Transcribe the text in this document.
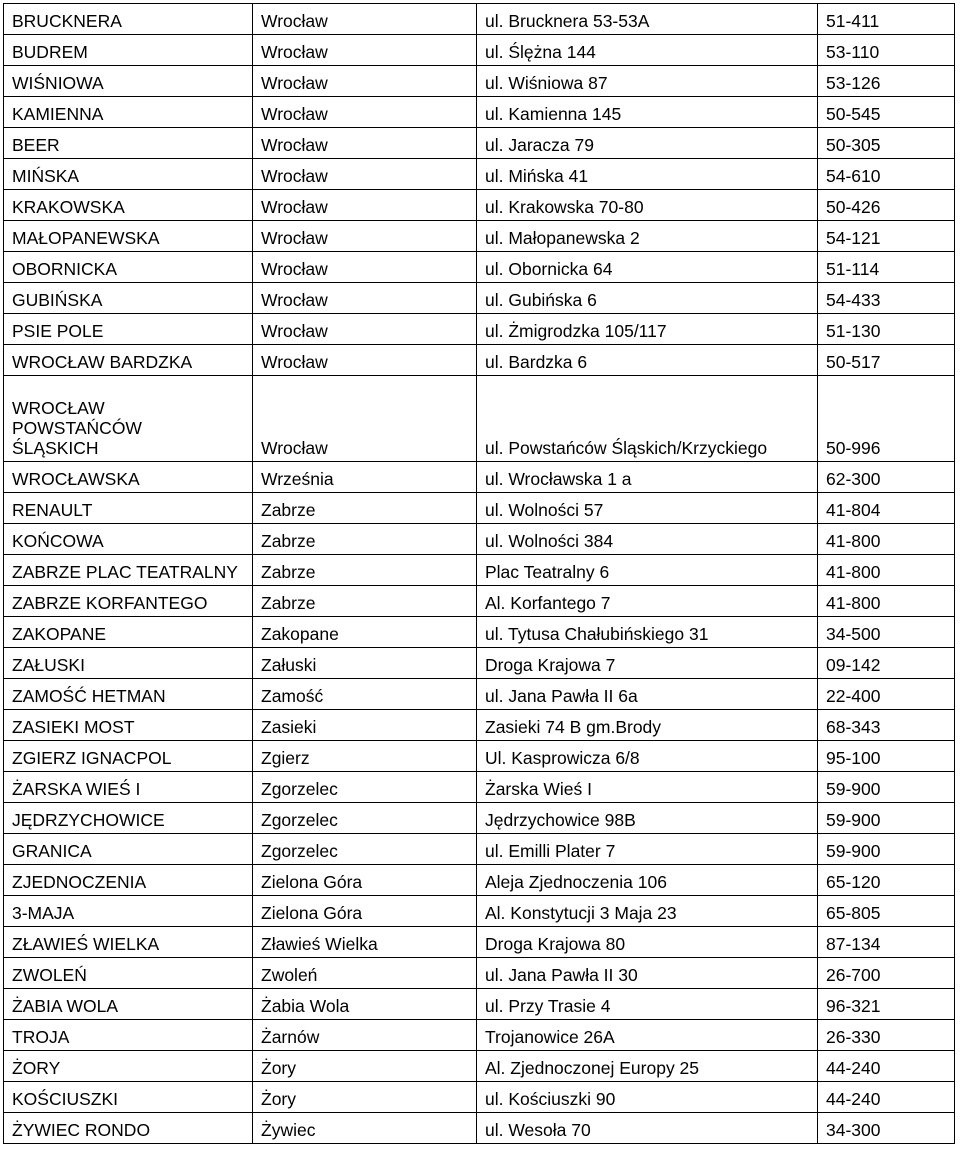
BRUCKNERA	Wrocław	ul. Brucknera 53-53A	51-411
BUDREM	Wrocław	ul. Ślężna 144	53-110
WIŚNIOWA	Wrocław	ul. Wiśniowa 87	53-126
KAMIENNA	Wrocław	ul. Kamienna 145	50-545
BEER	Wrocław	ul. Jaracza 79	50-305
MIŃSKA	Wrocław	ul. Mińska 41	54-610
KRAKOWSKA	Wrocław	ul. Krakowska 70-80	50-426
MAŁOPANEWSKA	Wrocław	ul. Małopanewska 2	54-121
OBORNICKA	Wrocław	ul. Obornicka 64	51-114
GUBIŃSKA	Wrocław	ul. Gubińska 6	54-433
PSIE POLE	Wrocław	ul. Żmigrodzka 105/117	51-130
WROCŁAW BARDZKA	Wrocław	ul. Bardzka 6	50-517
WROCŁAW POWSTAŃCÓW ŚLĄSKICH	Wrocław	ul. Powstańców Śląskich/Krzyckiego	50-996
WROCŁAWSKA	Września	ul. Wrocławska 1 a	62-300
RENAULT	Zabrze	ul. Wolności 57	41-804
KOŃCOWA	Zabrze	ul. Wolności 384	41-800
ZABRZE PLAC TEATRALNY	Zabrze	Plac Teatralny 6	41-800
ZABRZE KORFANTEGO	Zabrze	Al. Korfantego 7	41-800
ZAKOPANE	Zakopane	ul. Tytusa Chałubińskiego 31	34-500
ZAŁUSKI	Załuski	Droga Krajowa 7	09-142
ZAMOŚĆ HETMAN	Zamość	ul. Jana Pawła II 6a	22-400
ZASIEKI MOST	Zasieki	Zasieki 74 B gm.Brody	68-343
ZGIERZ IGNACPOL	Zgierz	Ul. Kasprowicza 6/8	95-100
ŻARSKA WIEŚ I	Zgorzelec	Żarska Wieś I	59-900
JĘDRZYCHOWICE	Zgorzelec	Jędrzychowice 98B	59-900
GRANICA	Zgorzelec	ul. Emilli Plater 7	59-900
ZJEDNOCZENIA	Zielona Góra	Aleja Zjednoczenia 106	65-120
3-MAJA	Zielona Góra	Al. Konstytucji 3 Maja 23	65-805
ZŁAWIEŚ WIELKA	Zławieś Wielka	Droga Krajowa 80	87-134
ZWOLEŃ	Zwoleń	ul. Jana Pawła II 30	26-700
ŻABIA WOLA	Żabia Wola	ul. Przy Trasie 4	96-321
TROJA	Żarnów	Trojanowice 26A	26-330
ŻORY	Żory	Al. Zjednoczonej Europy 25	44-240
KOŚCIUSZKI	Żory	ul. Kościuszki 90	44-240
ŻYWIEC RONDO	Żywiec	ul. Wesoła 70	34-300
